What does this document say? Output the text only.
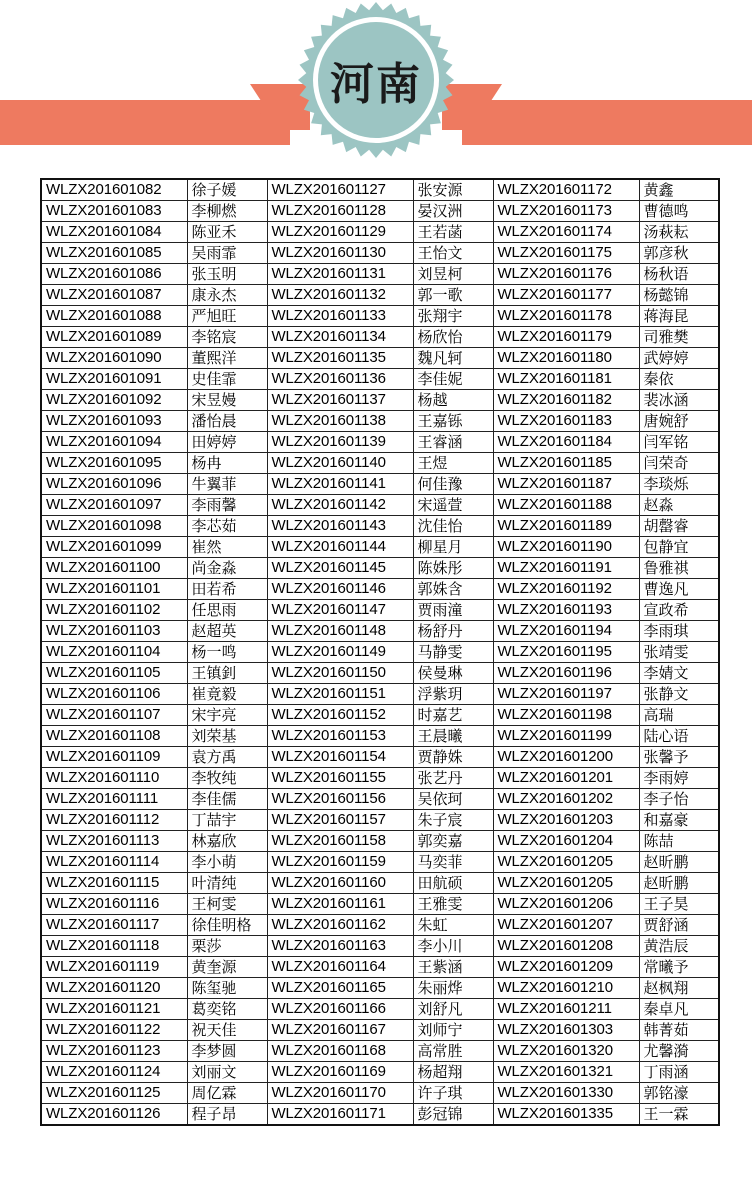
河南
WLZX201601082	徐子媛	WLZX201601127	张安源	WLZX201601172	黄鑫
WLZX201601083	李柳燃	WLZX201601128	晏汉洲	WLZX201601173	曹德鸣
WLZX201601084	陈亚禾	WLZX201601129	王若菡	WLZX201601174	汤萩耘
WLZX201601085	吴雨霏	WLZX201601130	王怡文	WLZX201601175	郭彦秋
WLZX201601086	张玉明	WLZX201601131	刘昱柯	WLZX201601176	杨秋语
WLZX201601087	康永杰	WLZX201601132	郭一歌	WLZX201601177	杨懿锦
WLZX201601088	严旭旺	WLZX201601133	张翔宇	WLZX201601178	蒋海昆
WLZX201601089	李铭宸	WLZX201601134	杨欣怡	WLZX201601179	司雅樊
WLZX201601090	董熙洋	WLZX201601135	魏凡轲	WLZX201601180	武婷婷
WLZX201601091	史佳霏	WLZX201601136	李佳妮	WLZX201601181	秦依
WLZX201601092	宋昱嫚	WLZX201601137	杨越	WLZX201601182	裴冰涵
WLZX201601093	潘怡晨	WLZX201601138	王嘉铄	WLZX201601183	唐婉舒
WLZX201601094	田婷婷	WLZX201601139	王睿涵	WLZX201601184	闫军铭
WLZX201601095	杨冉	WLZX201601140	王煜	WLZX201601185	闫荣奇
WLZX201601096	牛翼菲	WLZX201601141	何佳豫	WLZX201601187	李琰烁
WLZX201601097	李雨馨	WLZX201601142	宋遥萱	WLZX201601188	赵淼
WLZX201601098	李芯茹	WLZX201601143	沈佳怡	WLZX201601189	胡罄睿
WLZX201601099	崔然	WLZX201601144	柳星月	WLZX201601190	包静宜
WLZX201601100	尚金淼	WLZX201601145	陈姝彤	WLZX201601191	鲁雅祺
WLZX201601101	田若希	WLZX201601146	郭姝含	WLZX201601192	曹逸凡
WLZX201601102	任思雨	WLZX201601147	贾雨潼	WLZX201601193	宣政希
WLZX201601103	赵超英	WLZX201601148	杨舒丹	WLZX201601194	李雨琪
WLZX201601104	杨一鸣	WLZX201601149	马静雯	WLZX201601195	张靖雯
WLZX201601105	王镇釗	WLZX201601150	侯曼琳	WLZX201601196	李婧文
WLZX201601106	崔竟毅	WLZX201601151	浮紫玥	WLZX201601197	张静文
WLZX201601107	宋宇亮	WLZX201601152	时嘉艺	WLZX201601198	高瑞
WLZX201601108	刘荣基	WLZX201601153	王晨曦	WLZX201601199	陆心语
WLZX201601109	袁方禹	WLZX201601154	贾静姝	WLZX201601200	张馨予
WLZX201601110	李牧纯	WLZX201601155	张艺丹	WLZX201601201	李雨婷
WLZX201601111	李佳儒	WLZX201601156	吴依珂	WLZX201601202	李子怡
WLZX201601112	丁喆宇	WLZX201601157	朱子宸	WLZX201601203	和嘉豪
WLZX201601113	林嘉欣	WLZX201601158	郭奕嘉	WLZX201601204	陈喆
WLZX201601114	李小萌	WLZX201601159	马奕菲	WLZX201601205	赵昕鹏
WLZX201601115	叶清纯	WLZX201601160	田航硕	WLZX201601205	赵昕鹏
WLZX201601116	王柯雯	WLZX201601161	王雅雯	WLZX201601206	王子昊
WLZX201601117	徐佳明格	WLZX201601162	朱虹	WLZX201601207	贾舒涵
WLZX201601118	栗莎	WLZX201601163	李小川	WLZX201601208	黄浩辰
WLZX201601119	黄奎源	WLZX201601164	王紫涵	WLZX201601209	常曦予
WLZX201601120	陈玺驰	WLZX201601165	朱丽烨	WLZX201601210	赵枫翔
WLZX201601121	葛奕铭	WLZX201601166	刘舒凡	WLZX201601211	秦卓凡
WLZX201601122	祝天佳	WLZX201601167	刘师宁	WLZX201601303	韩菁茹
WLZX201601123	李梦圆	WLZX201601168	高常胜	WLZX201601320	尤馨漪
WLZX201601124	刘丽文	WLZX201601169	杨超翔	WLZX201601321	丁雨涵
WLZX201601125	周亿霖	WLZX201601170	许子琪	WLZX201601330	郭铭濠
WLZX201601126	程子昂	WLZX201601171	彭冠锦	WLZX201601335	王一霖
